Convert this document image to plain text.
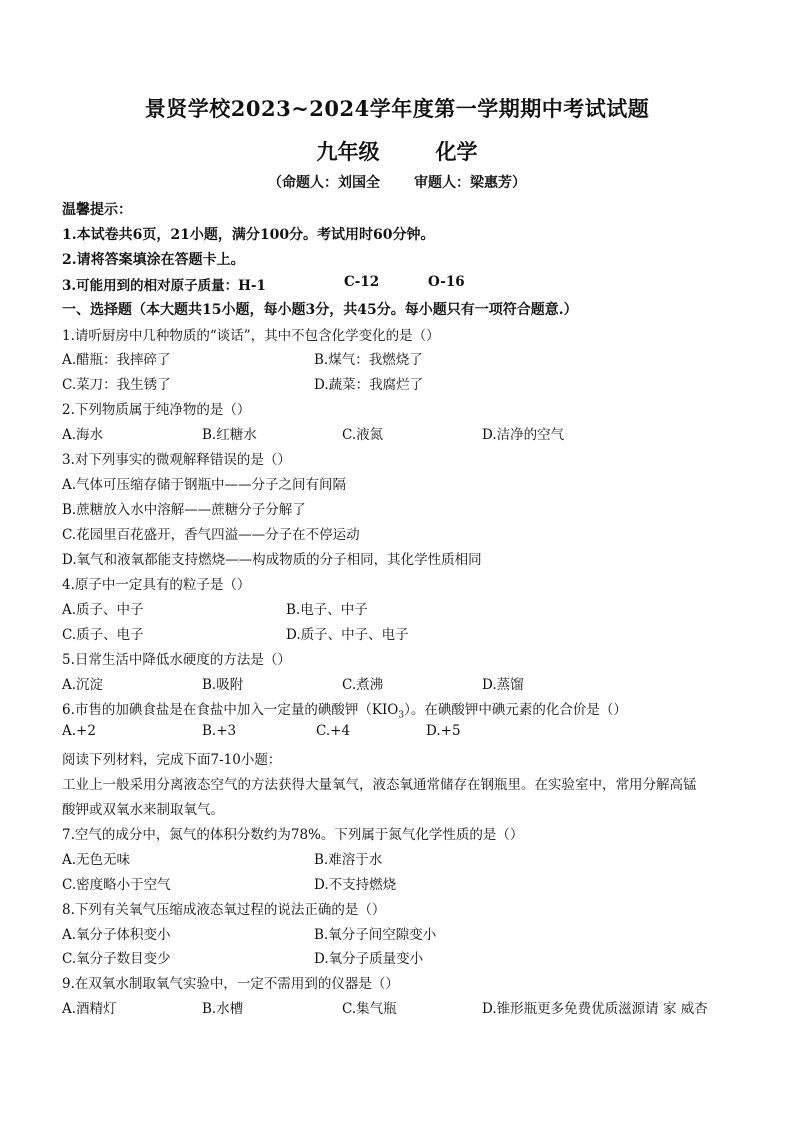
景贤学校2023~2024学年度第一学期期中考试试题
九年级	化学
（命题人：刘国全 审题人：梁惠芳）
温馨提示：
1.本试卷共6页，21小题，满分100分。考试用时60分钟。
2.请将答案填涂在答题卡上。
3.可能用到的相对原子质量：H-1	C-12	O-16
一、选择题（本大题共15小题，每小题3分，共45分。每小题只有一项符合题意.）
1.请听厨房中几种物质的“谈话”，其中不包含化学变化的是（）
A.醋瓶：我摔碎了	B.煤气：我燃烧了
C.菜刀：我生锈了	D.蔬菜：我腐烂了
2.下列物质属于纯净物的是（）
A.海水	B.红糖水	C.液氮	D.洁净的空气
3.对下列事实的微观解释错误的是（）
A.气体可压缩存储于钢瓶中——分子之间有间隔
B.蔗糖放入水中溶解——蔗糖分子分解了
C.花园里百花盛开，香气四溢——分子在不停运动
D.氧气和液氧都能支持燃烧——构成物质的分子相同，其化学性质相同
4.原子中一定具有的粒子是（）
A.质子、中子	B.电子、中子
C.质子、电子	D.质子、中子、电子
5.日常生活中降低水硬度的方法是（）
A.沉淀	B.吸附	C.煮沸	D.蒸馏
6.市售的加碘食盐是在食盐中加入一定量的碘酸钾$(KIO_3)$。在碘酸钾中碘元素的化合价是（）
A.+2	B.+3	C.+4	D.+5
阅读下列材料，完成下面7-10小题：
工业上一般采用分离液态空气的方法获得大量氧气，液态氧通常储存在钢瓶里。在实验室中，常用分解高锰
酸钾或双氧水来制取氧气。
7.空气的成分中，氮气的体积分数约为78%。下列属于氮气化学性质的是（）
A.无色无味	B.难溶于水
C.密度略小于空气	D.不支持燃烧
8.下列有关氧气压缩成液态氧过程的说法正确的是（）
A.氧分子体积变小	B.氧分子间空隙变小
C.氧分子数目变少	D.氧分子质量变小
9.在双氧水制取氧气实验中，一定不需用到的仪器是（）
A.酒精灯	B.水槽	C.集气瓶	D.锥形瓶更多免费优质滋源请 家 威杏
